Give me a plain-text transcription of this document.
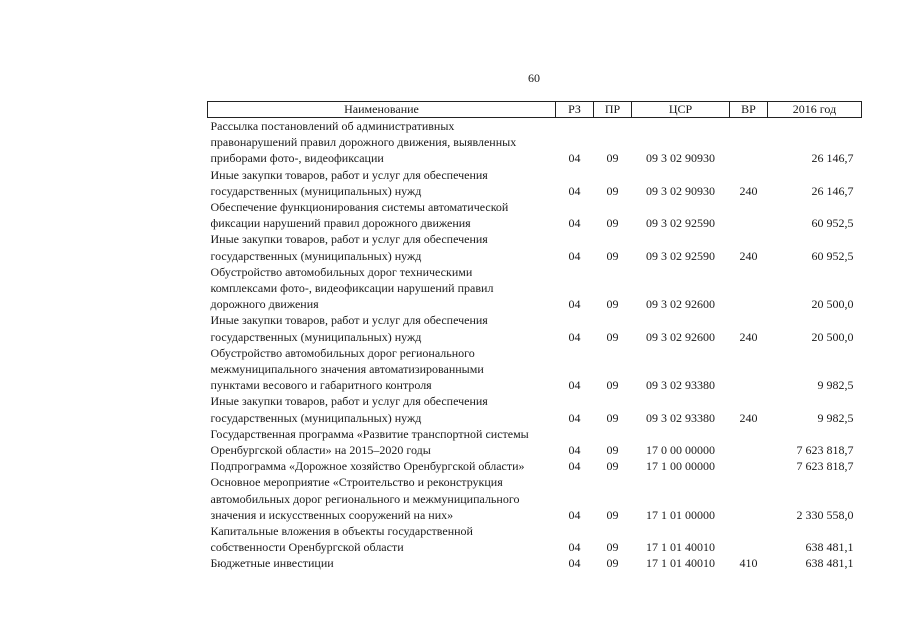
60
Наименование	РЗ	ПР	ЦСР	ВР	2016 год

Рассылка постановлений об административных
правонарушений правил дорожного движения, выявленных
приборами фото-, видеофиксации	04	09	09 3 02 90930		26 146,7

Иные закупки товаров, работ и услуг для обеспечения
государственных (муниципальных) нужд	04	09	09 3 02 90930	240	26 146,7

Обеспечение функционирования системы автоматической
фиксации нарушений правил дорожного движения	04	09	09 3 02 92590		60 952,5

Иные закупки товаров, работ и услуг для обеспечения
государственных (муниципальных) нужд	04	09	09 3 02 92590	240	60 952,5

Обустройство автомобильных дорог техническими
комплексами фото-, видеофиксации нарушений правил
дорожного движения	04	09	09 3 02 92600		20 500,0

Иные закупки товаров, работ и услуг для обеспечения
государственных (муниципальных) нужд	04	09	09 3 02 92600	240	20 500,0

Обустройство автомобильных дорог регионального
межмуниципального значения автоматизированными
пунктами весового и габаритного контроля	04	09	09 3 02 93380		9 982,5

Иные закупки товаров, работ и услуг для обеспечения
государственных (муниципальных) нужд	04	09	09 3 02 93380	240	9 982,5

Государственная программа «Развитие транспортной системы
Оренбургской области» на 2015–2020 годы	04	09	17 0 00 00000		7 623 818,7

Подпрограмма «Дорожное хозяйство Оренбургской области»	04	09	17 1 00 00000		7 623 818,7

Основное мероприятие «Строительство и реконструкция
автомобильных дорог регионального и межмуниципального
значения и искусственных сооружений на них»	04	09	17 1 01 00000		2 330 558,0

Капитальные вложения в объекты государственной
собственности Оренбургской области	04	09	17 1 01 40010		638 481,1

Бюджетные инвестиции	04	09	17 1 01 40010	410	638 481,1
